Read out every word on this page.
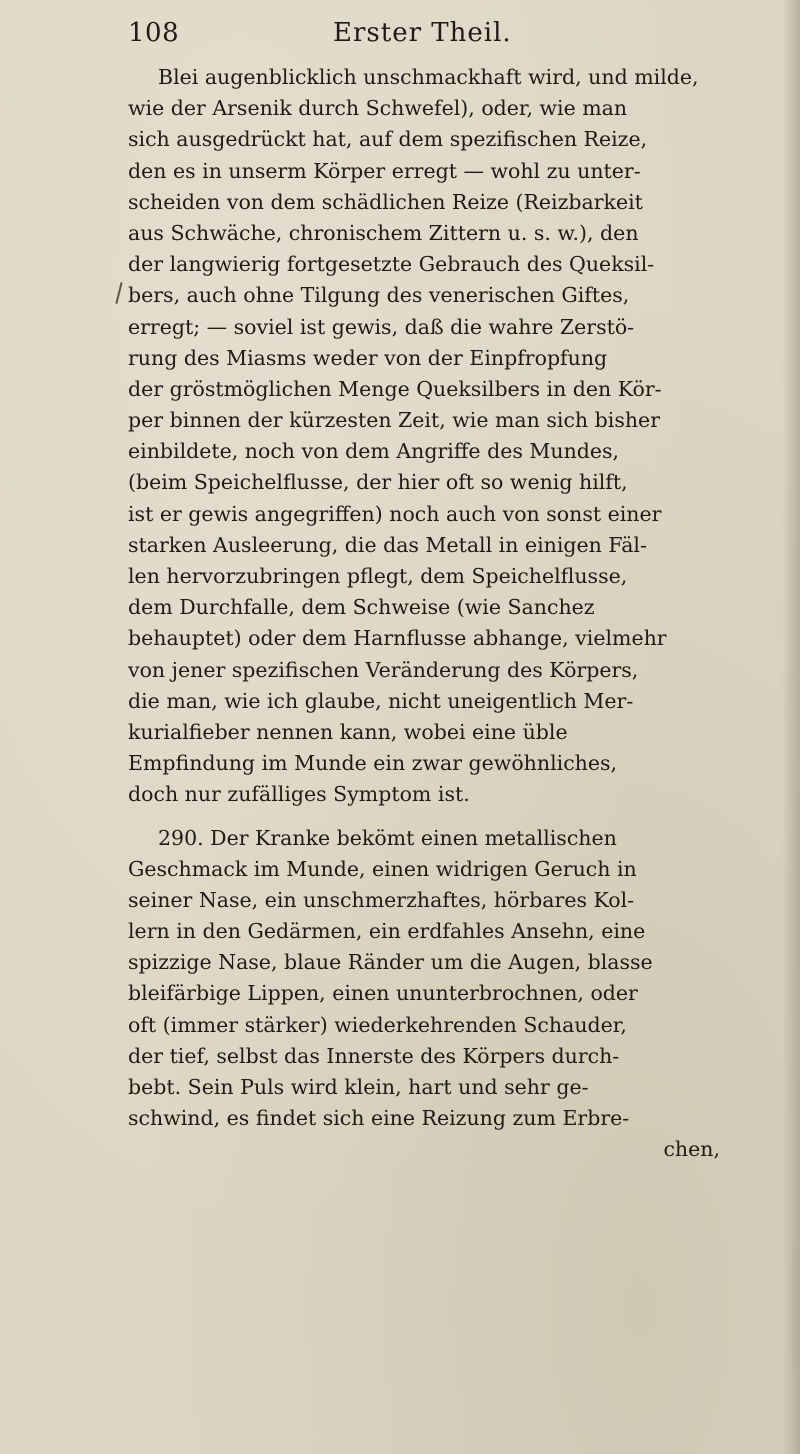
108	Erster Theil.
Blei augenblicklich unschmackhaft wird, und milde,
wie der Arsenik durch Schwefel), oder, wie man
sich ausgedrückt hat, auf dem spezifischen Reize,
den es in unserm Körper erregt — wohl zu unter-
scheiden von dem schädlichen Reize (Reizbarkeit
aus Schwäche, chronischem Zittern u. s. w.), den
der langwierig fortgesetzte Gebrauch des Queksil-
bers, auch ohne Tilgung des venerischen Giftes,
erregt; — soviel ist gewis, daß die wahre Zerstö-
rung des Miasms weder von der Einpfropfung
der gröstmöglichen Menge Queksilbers in den Kör-
per binnen der kürzesten Zeit, wie man sich bisher
einbildete, noch von dem Angriffe des Mundes,
(beim Speichelflusse, der hier oft so wenig hilft,
ist er gewis angegriffen) noch auch von sonst einer
starken Ausleerung, die das Metall in einigen Fäl-
len hervorzubringen pflegt, dem Speichelflusse,
dem Durchfalle, dem Schweise (wie Sanchez
behauptet) oder dem Harnflusse abhange, vielmehr
von jener spezifischen Veränderung des Körpers,
die man, wie ich glaube, nicht uneigentlich Mer-
kurialfieber nennen kann, wobei eine üble
Empfindung im Munde ein zwar gewöhnliches,
doch nur zufälliges Symptom ist.
290. Der Kranke bekömt einen metallischen
Geschmack im Munde, einen widrigen Geruch in
seiner Nase, ein unschmerzhaftes, hörbares Kol-
lern in den Gedärmen, ein erdfahles Ansehn, eine
spizzige Nase, blaue Ränder um die Augen, blasse
bleifärbige Lippen, einen ununterbrochnen, oder
oft (immer stärker) wiederkehrenden Schauder,
der tief, selbst das Innerste des Körpers durch-
bebt. Sein Puls wird klein, hart und sehr ge-
schwind, es findet sich eine Reizung zum Erbre-
chen,
